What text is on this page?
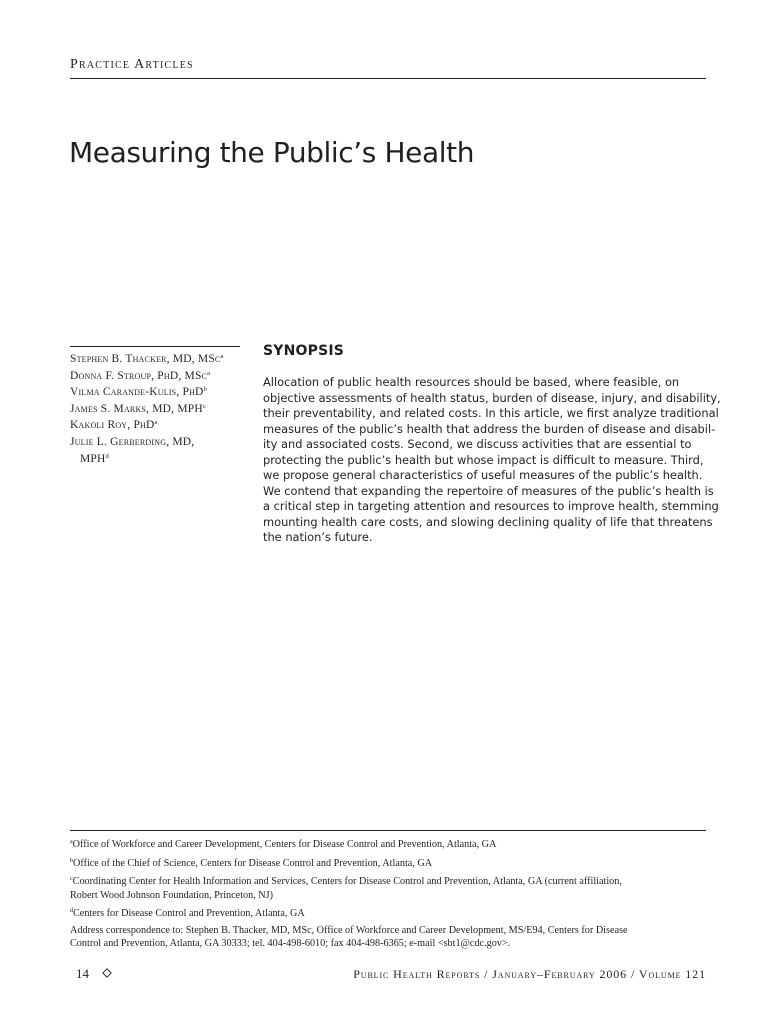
Practice Articles
Measuring the Public’s Health
Stephen B. Thacker, MD, MSc$^a$
Donna F. Stroup, PhD, MSc$^a$
Vilma Carande-Kulis, PhD$^b$
James S. Marks, MD, MPH$^c$
Kakoli Roy, PhD$^a$
Julie L. Gerberding, MD,
MPH$^d$
SYNOPSIS
Allocation of public health resources should be based, where feasible, on
objective assessments of health status, burden of disease, injury, and disability,
their preventability, and related costs. In this article, we first analyze traditional
measures of the public’s health that address the burden of disease and disabil-
ity and associated costs. Second, we discuss activities that are essential to
protecting the public’s health but whose impact is difficult to measure. Third,
we propose general characteristics of useful measures of the public’s health.
We contend that expanding the repertoire of measures of the public’s health is
a critical step in targeting attention and resources to improve health, stemming
mounting health care costs, and slowing declining quality of life that threatens
the nation’s future.
$^a$Office of Workforce and Career Development, Centers for Disease Control and Prevention, Atlanta, GA
$^b$Office of the Chief of Science, Centers for Disease Control and Prevention, Atlanta, GA
$^c$Coordinating Center for Health Information and Services, Centers for Disease Control and Prevention, Atlanta, GA (current affiliation,
Robert Wood Johnson Foundation, Princeton, NJ)
$^d$Centers for Disease Control and Prevention, Atlanta, GA
Address correspondence to: Stephen B. Thacker, MD, MSc, Office of Workforce and Career Development, MS/E94, Centers for Disease
Control and Prevention, Atlanta, GA 30333; tel. 404-498-6010; fax 404-498-6365; e-mail <sbt1@cdc.gov>.
14	Public Health Reports / January–February 2006 / Volume 121
